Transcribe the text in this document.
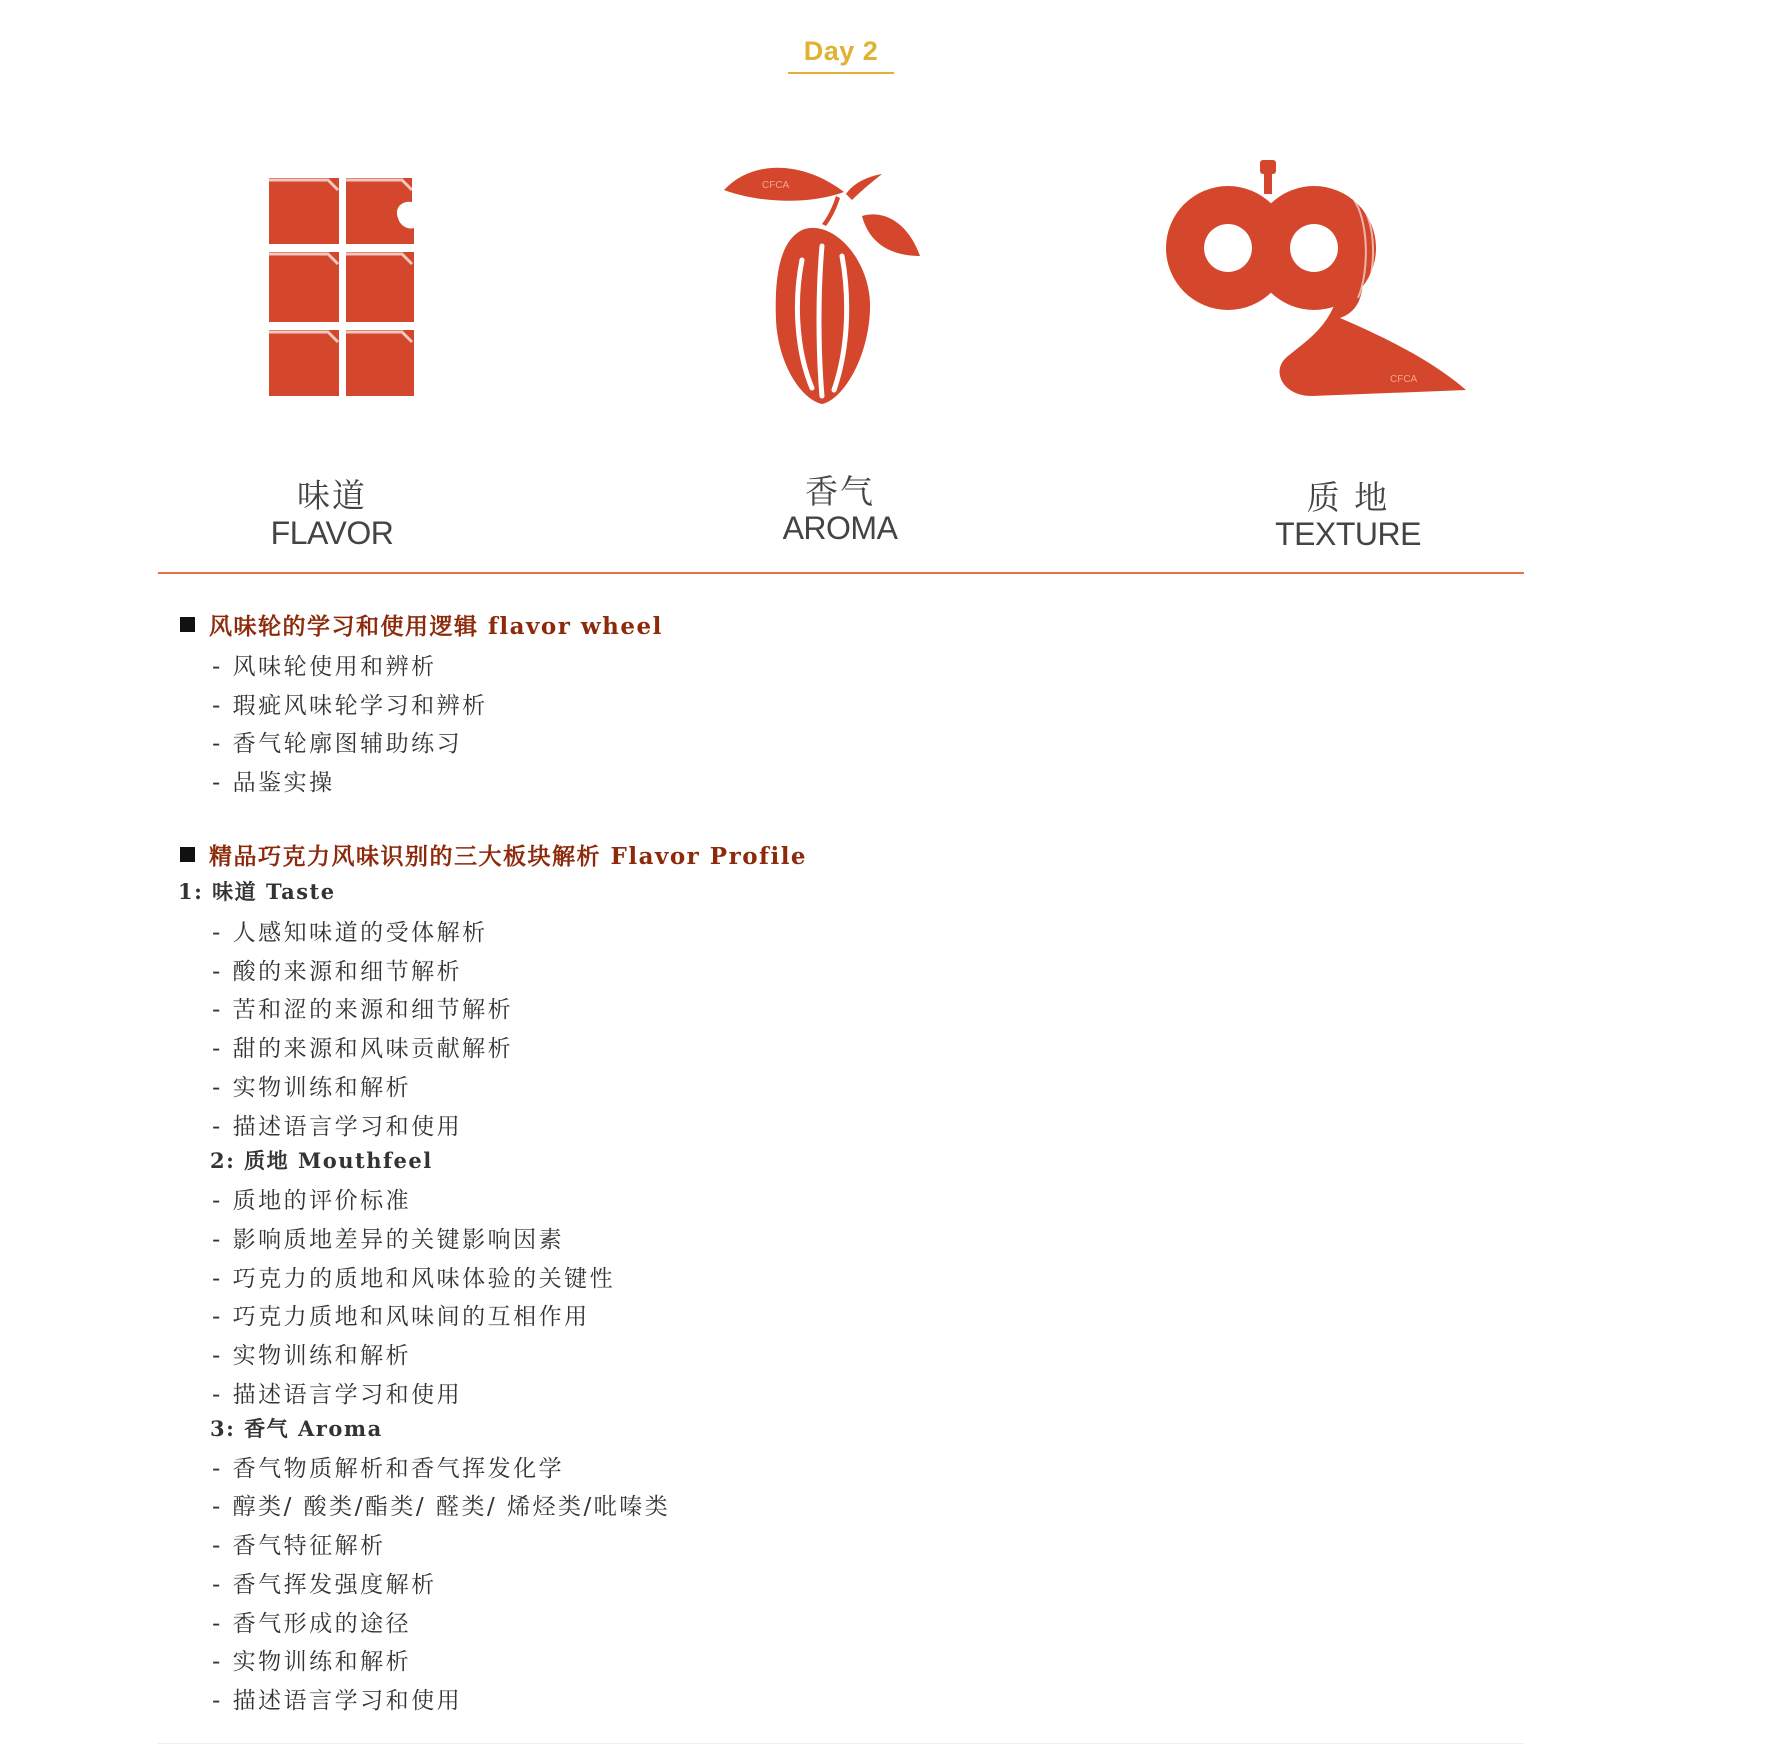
Day 2
味道
FLAVOR
CFCA
香气
AROMA
CFCA
质 地
TEXTURE
风味轮的学习和使用逻辑 flavor wheel
- 风味轮使用和辨析
- 瑕疵风味轮学习和辨析
- 香气轮廓图辅助练习
- 品鉴实操
精品巧克力风味识别的三大板块解析 Flavor Profile
1: 味道 Taste
- 人感知味道的受体解析
- 酸的来源和细节解析
- 苦和涩的来源和细节解析
- 甜的来源和风味贡献解析
- 实物训练和解析
- 描述语言学习和使用
2: 质地 Mouthfeel
- 质地的评价标准
- 影响质地差异的关键影响因素
- 巧克力的质地和风味体验的关键性
- 巧克力质地和风味间的互相作用
- 实物训练和解析
- 描述语言学习和使用
3: 香气 Aroma
- 香气物质解析和香气挥发化学
- 醇类/ 酸类/酯类/ 醛类/ 烯烃类/吡嗪类
- 香气特征解析
- 香气挥发强度解析
- 香气形成的途径
- 实物训练和解析
- 描述语言学习和使用
